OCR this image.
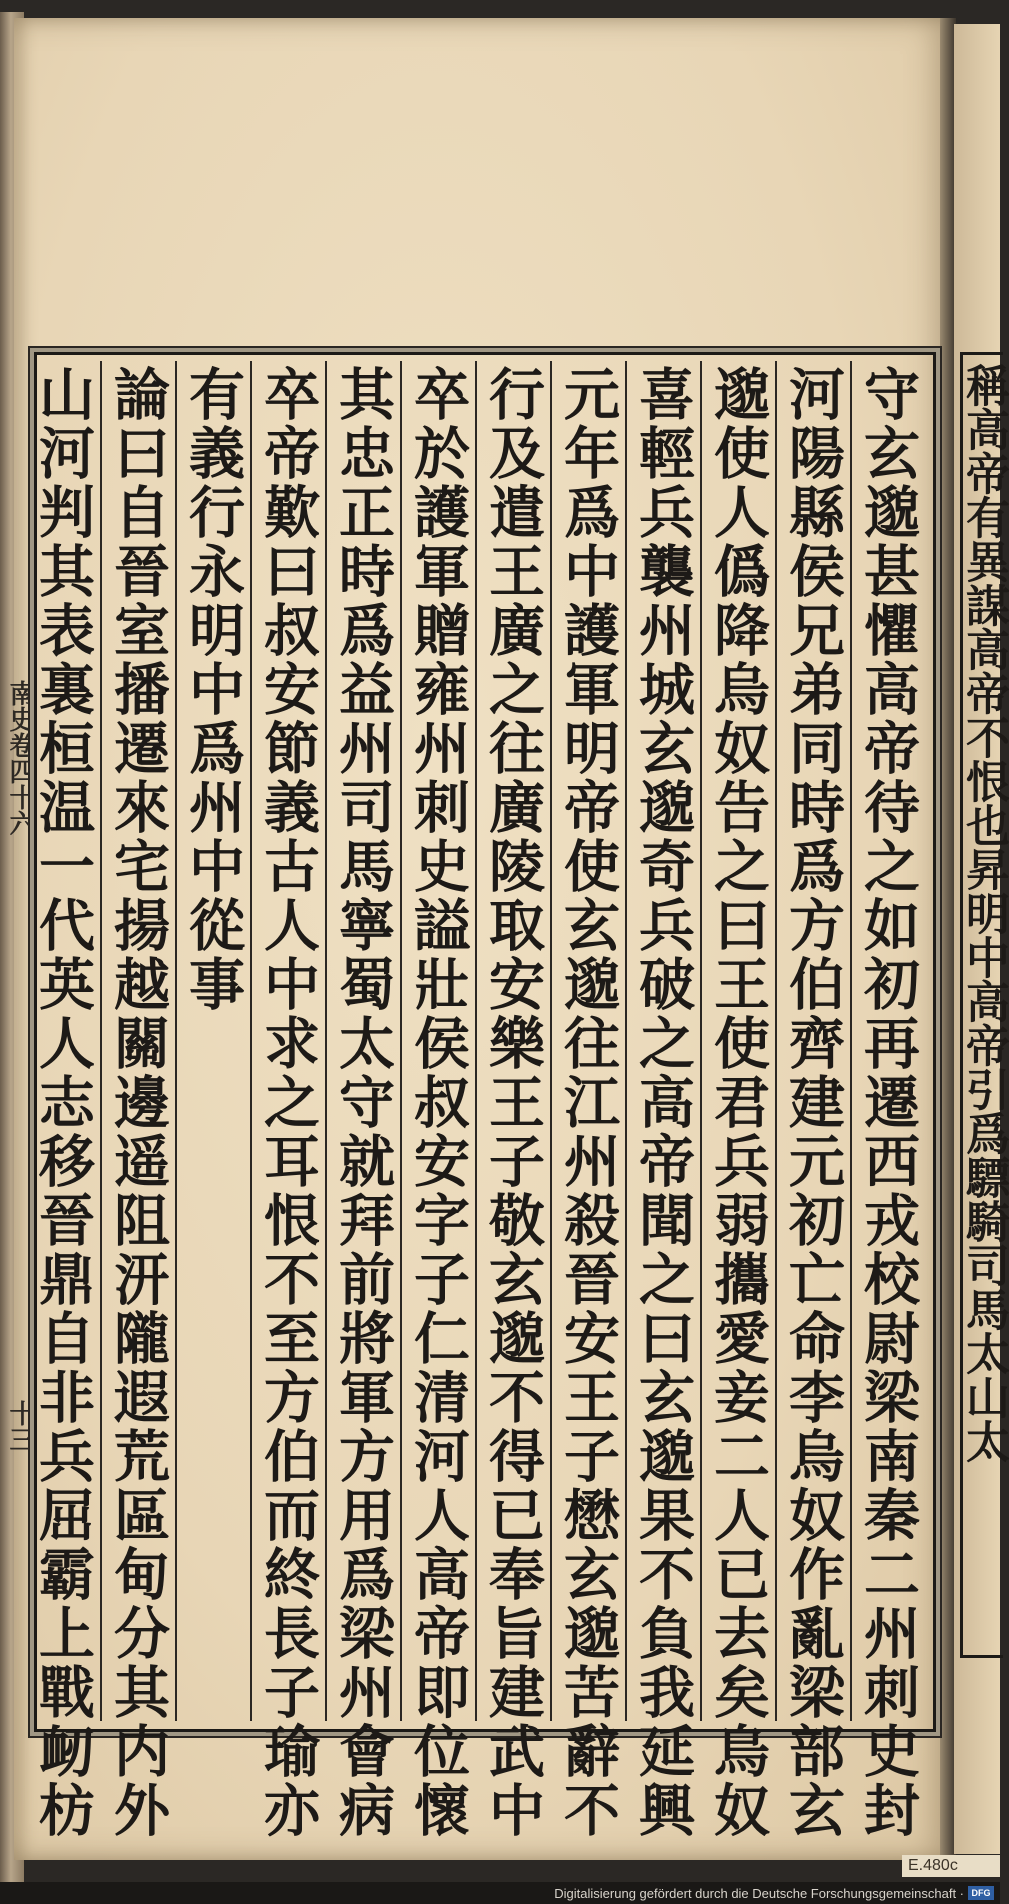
南史卷四十六
十三	守玄邈甚懼高帝待之如初再遷西戎校尉梁南秦二州刺史封
河陽縣侯兄弟同時爲方伯齊建元初亡命李烏奴作亂梁部玄
邈使人僞降烏奴告之曰王使君兵弱攜愛妾二人已去矣烏奴
喜輕兵襲州城玄邈奇兵破之高帝聞之曰玄邈果不負我延興
元年爲中護軍明帝使玄邈往江州殺晉安王子懋玄邈苦辭不
行及遣王廣之往廣陵取安樂王子敬玄邈不得已奉旨建武中
卒於護軍贈雍州刺史謚壯侯叔安字子仁清河人高帝即位懷
其忠正時爲益州司馬寧蜀太守就拜前將軍方用爲梁州會病
卒帝歎曰叔安節義古人中求之耳恨不至方伯而終長子瑜亦
有義行永明中爲州中從事
論曰自晉室播遷來宅揚越關邊遥阻汧隴遐荒區甸分其内外
山河判其表裏桓温一代英人志移晉鼎自非兵屈霸上戰衂枋	稱高帝有異謀高帝不恨也昇明中高帝引爲驃騎司馬太山太
E.480c
Digitalisierung gefördert durch die Deutsche Forschungsgemeinschaft · DFG
